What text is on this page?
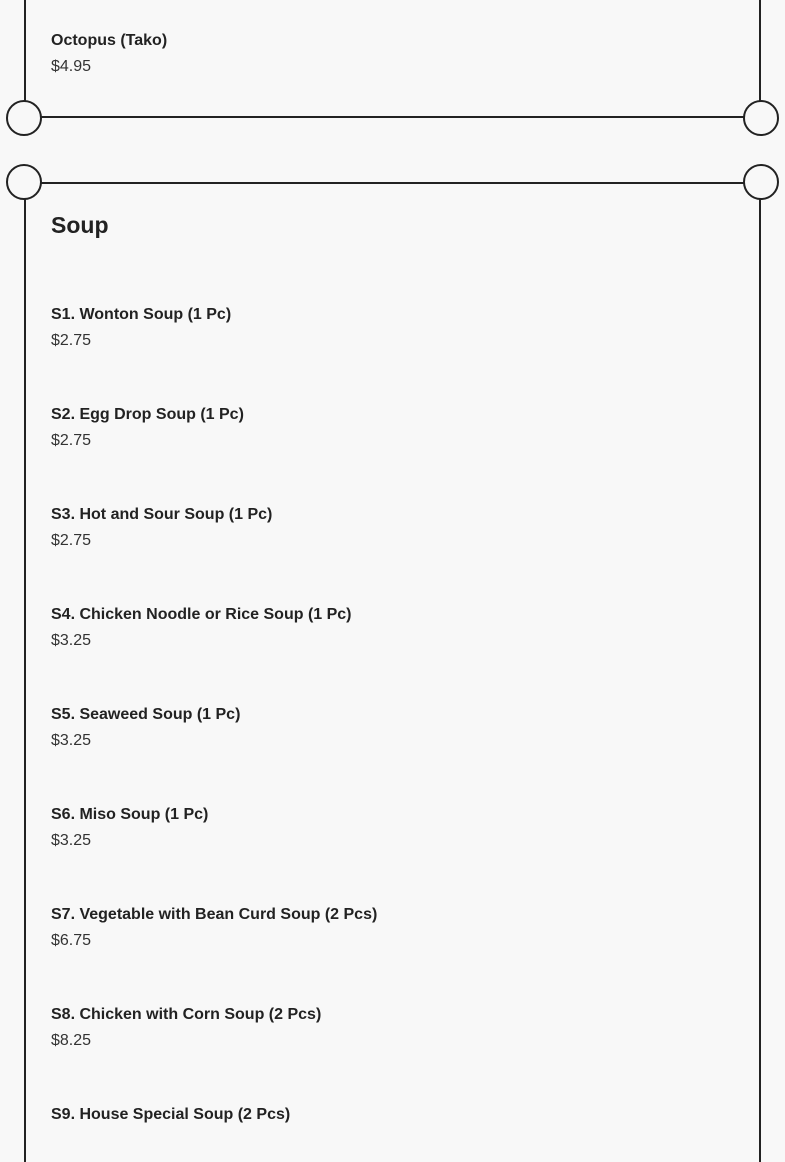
Octopus (Tako)
$4.95
Soup
S1. Wonton Soup (1 Pc)
$2.75
S2. Egg Drop Soup (1 Pc)
$2.75
S3. Hot and Sour Soup (1 Pc)
$2.75
S4. Chicken Noodle or Rice Soup (1 Pc)
$3.25
S5. Seaweed Soup (1 Pc)
$3.25
S6. Miso Soup (1 Pc)
$3.25
S7. Vegetable with Bean Curd Soup (2 Pcs)
$6.75
S8. Chicken with Corn Soup (2 Pcs)
$8.25
S9. House Special Soup (2 Pcs)
